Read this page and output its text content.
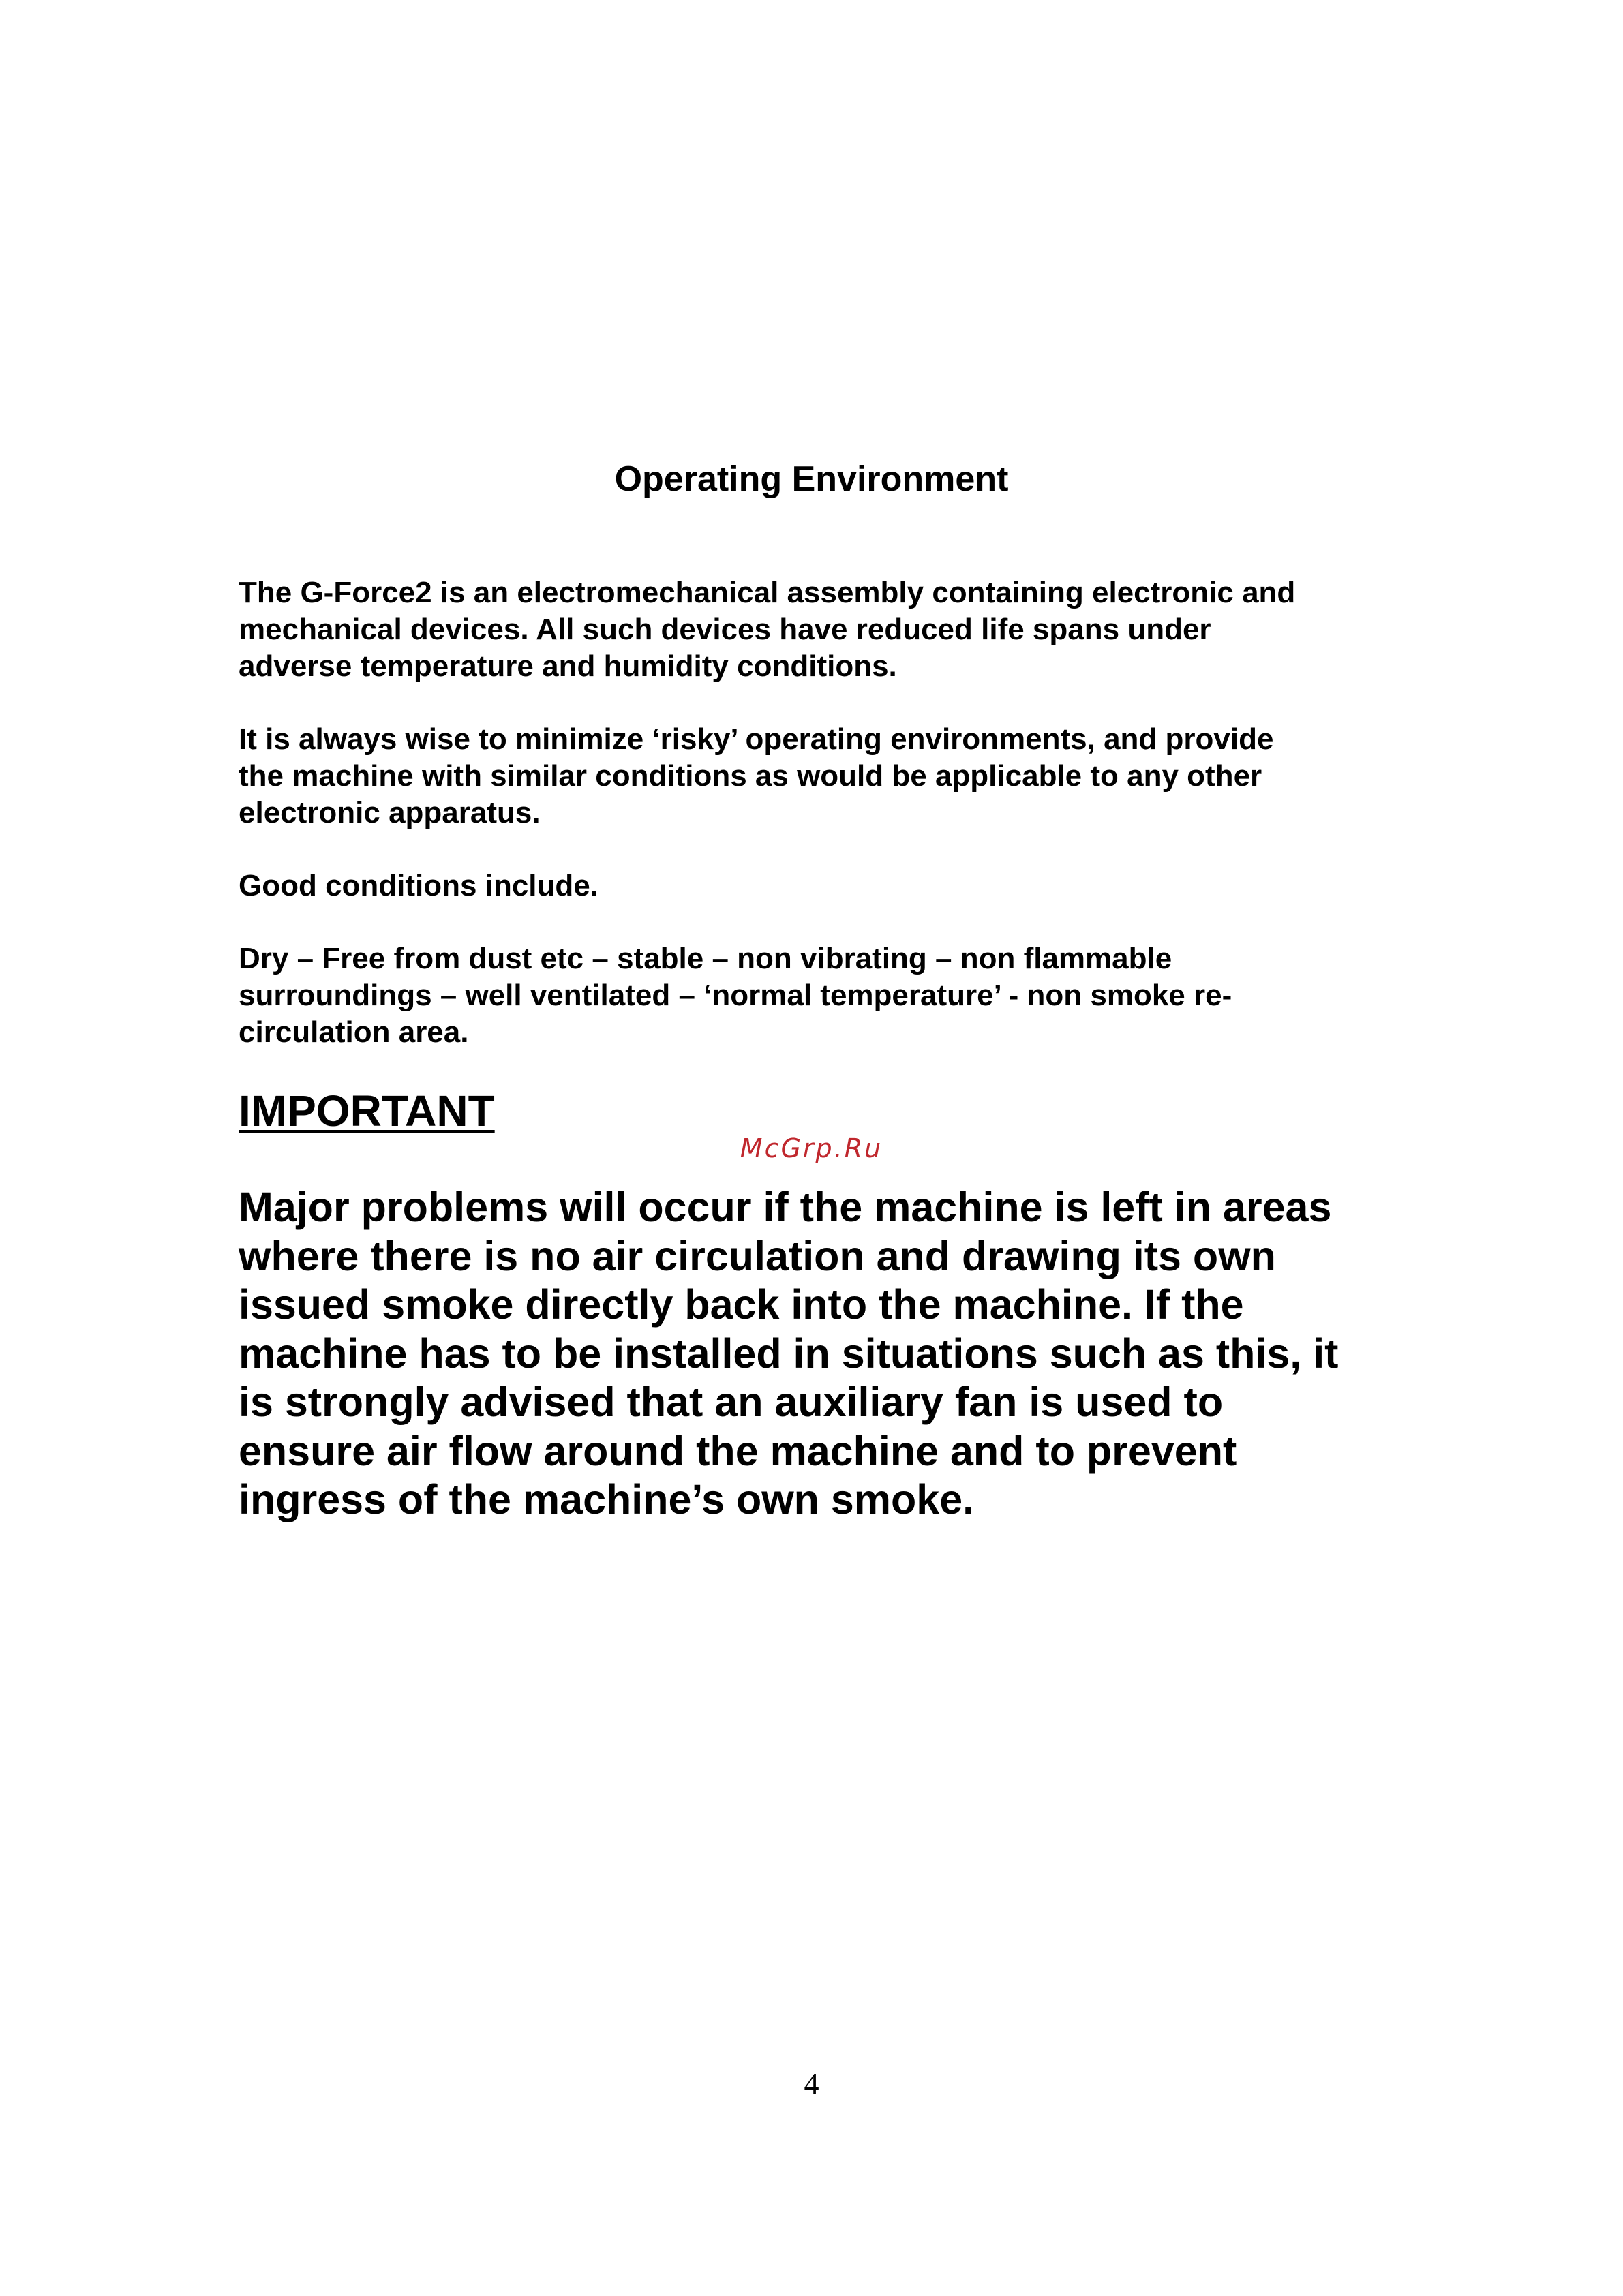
Operating Environment

The G-Force2 is an electromechanical assembly containing electronic and
mechanical devices. All such devices have reduced life spans under
adverse temperature and humidity conditions.

It is always wise to minimize ‘risky’ operating environments, and provide
the machine with similar conditions as would be applicable to any other
electronic apparatus.

Good conditions include.

Dry – Free from dust etc – stable – non vibrating – non flammable
surroundings – well ventilated – ‘normal temperature’ - non smoke re-
circulation area.

IMPORTANT
McGrp.Ru

Major problems will occur if the machine is left in areas
where there is no air circulation and drawing its own
issued smoke directly back into the machine. If the
machine has to be installed in situations such as this, it
is strongly advised that an auxiliary fan is used to
ensure air flow around the machine and to prevent
ingress of the machine’s own smoke.

4
